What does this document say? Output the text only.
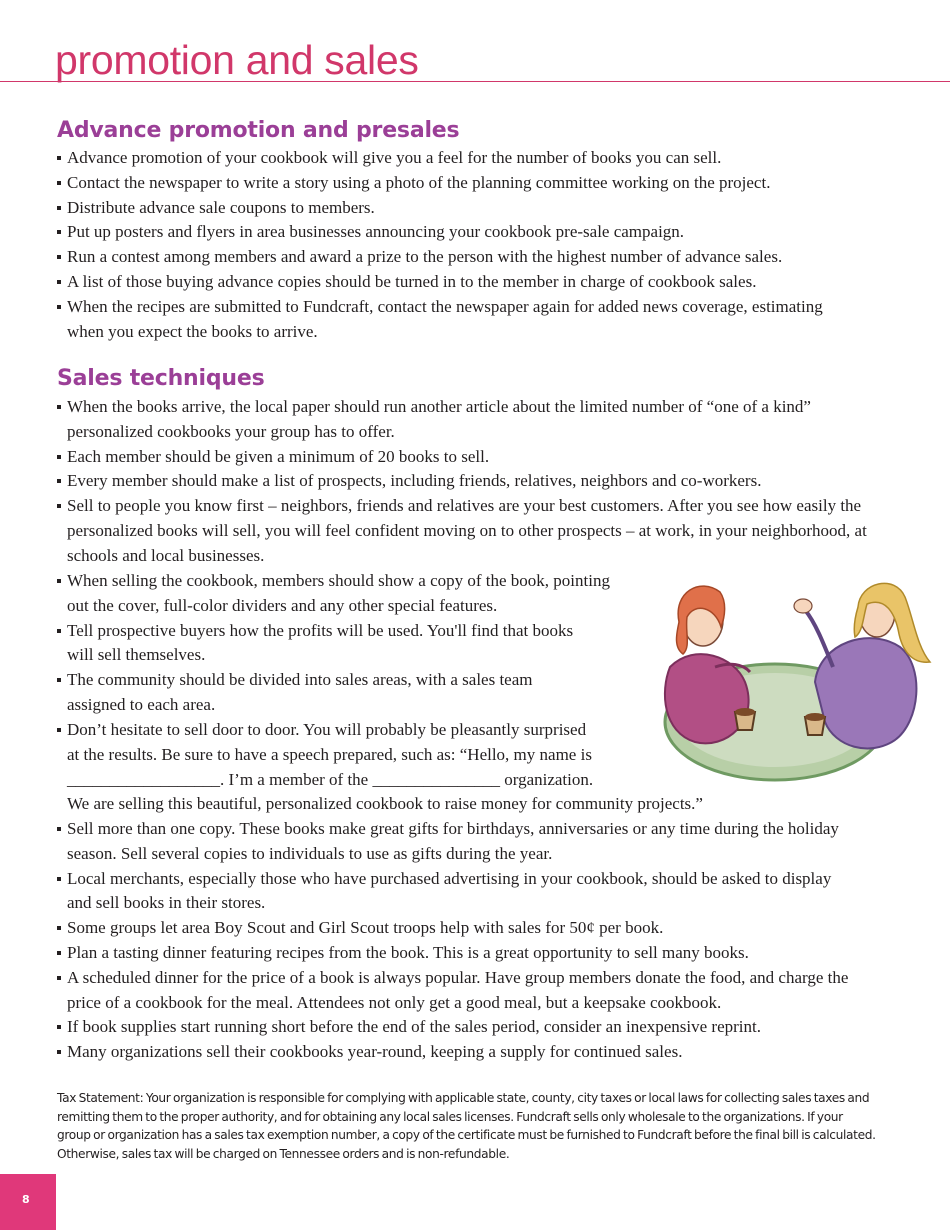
promotion and sales
Advance promotion and presales
Advance promotion of your cookbook will give you a feel for the number of books you can sell.
Contact the newspaper to write a story using a photo of the planning committee working on the project.
Distribute advance sale coupons to members.
Put up posters and flyers in area businesses announcing your cookbook pre-sale campaign.
Run a contest among members and award a prize to the person with the highest number of advance sales.
A list of those buying advance copies should be turned in to the member in charge of cookbook sales.
When the recipes are submitted to Fundcraft, contact the newspaper again for added news coverage, estimating when you expect the books to arrive.
Sales techniques
When the books arrive, the local paper should run another article about the limited number of “one of a kind” personalized cookbooks your group has to offer.
Each member should be given a minimum of 20 books to sell.
Every member should make a list of prospects, including friends, relatives, neighbors and co-workers.
Sell to people you know first – neighbors, friends and relatives are your best customers. After you see how easily the personalized books will sell, you will feel confident moving on to other prospects – at work, in your neighborhood, at schools and local businesses.
When selling the cookbook, members should show a copy of the book, pointing out the cover, full-color dividers and any other special features.
Tell prospective buyers how the profits will be used. You'll find that books will sell themselves.
The community should be divided into sales areas, with a sales team assigned to each area.
Don’t hesitate to sell door to door. You will probably be pleasantly surprised
at the results. Be sure to have a speech prepared, such as: “Hello, my name is
__________________. I’m a member of the _______________ organization.
We are selling this beautiful, personalized cookbook to raise money for community projects.”
Sell more than one copy. These books make great gifts for birthdays, anniversaries or any time during the holiday season. Sell several copies to individuals to use as gifts during the year.
Local merchants, especially those who have purchased advertising in your cookbook, should be asked to display and sell books in their stores.
Some groups let area Boy Scout and Girl Scout troops help with sales for 50¢ per book.
Plan a tasting dinner featuring recipes from the book. This is a great opportunity to sell many books.
A scheduled dinner for the price of a book is always popular. Have group members donate the food, and charge the price of a cookbook for the meal. Attendees not only get a good meal, but a keepsake cookbook.
If book supplies start running short before the end of the sales period, consider an inexpensive reprint.
Many organizations sell their cookbooks year-round, keeping a supply for continued sales.

Tax Statement: Your organization is responsible for complying with applicable state, county, city taxes or local laws for collecting sales taxes and remitting them to the proper authority, and for obtaining any local sales licenses. Fundcraft sells only wholesale to the organizations. If your group or organization has a sales tax exemption number, a copy of the certificate must be furnished to Fundcraft before the final bill is calculated. Otherwise, sales tax will be charged on Tennessee orders and is non-refundable.

8
